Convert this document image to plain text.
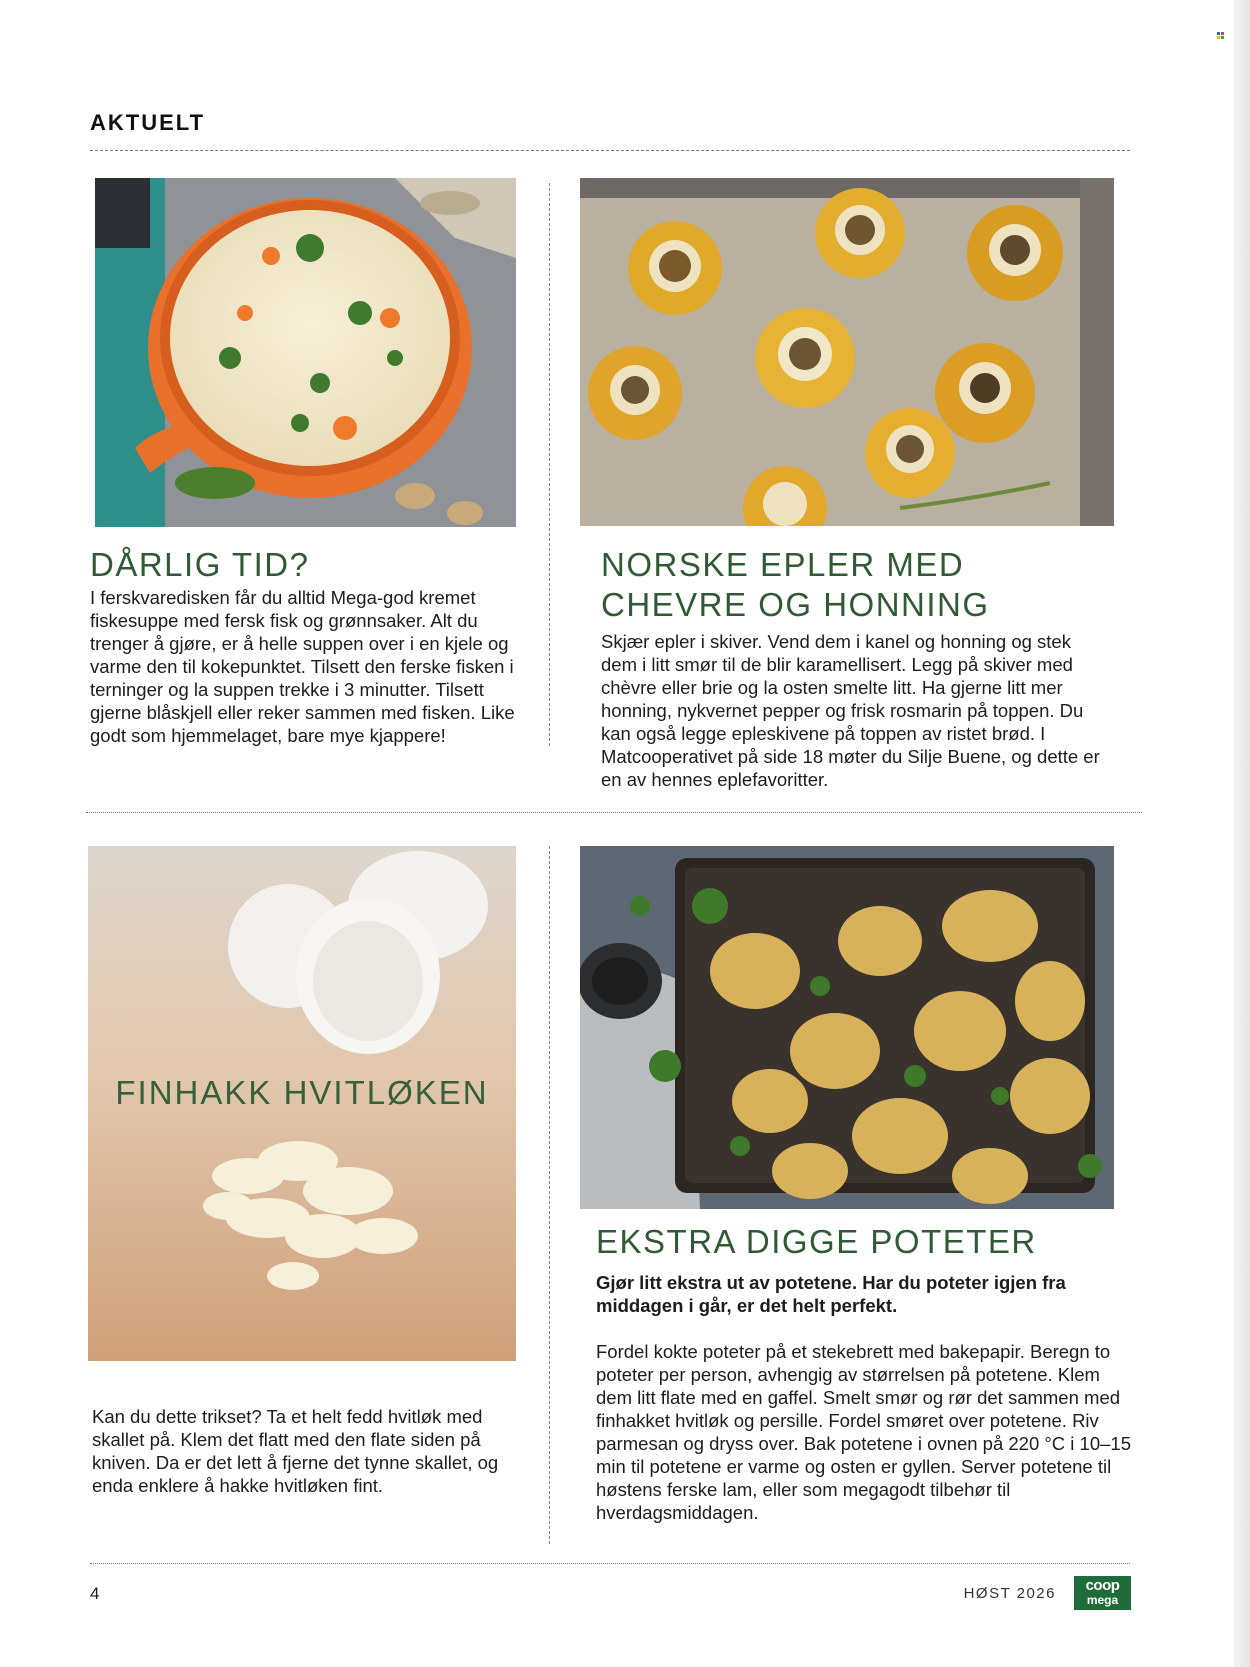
AKTUELT
DÅRLIG TID?

I ferskvaredisken får du alltid Mega-god kremet fiskesuppe med fersk fisk og grønnsaker. Alt du trenger å gjøre, er å helle suppen over i en kjele og varme den til kokepunktet. Tilsett den ferske fisken i terninger og la suppen trekke i 3 minutter. Tilsett gjerne blåskjell eller reker sammen med fisken. Like godt som hjemmelaget, bare mye kjappere!

NORSKE EPLER MED CHEVRE OG HONNING

Skjær epler i skiver. Vend dem i kanel og honning og stek dem i litt smør til de blir karamellisert. Legg på skiver med chèvre eller brie og la osten smelte litt. Ha gjerne litt mer honning, nykvernet pepper og frisk rosmarin på toppen. Du kan også legge epleskivene på toppen av ristet brød. I Matcooperativet på side 18 møter du Silje Buene, og dette er en av hennes eplefavoritter.

FINHAKK HVITLØKEN

Kan du dette trikset? Ta et helt fedd hvitløk med skallet på. Klem det flatt med den flate siden på kniven. Da er det lett å fjerne det tynne skallet, og enda enklere å hakke hvitløken fint.

EKSTRA DIGGE POTETER

Gjør litt ekstra ut av potetene. Har du poteter igjen fra middagen i går, er det helt perfekt.

Fordel kokte poteter på et stekebrett med bakepapir. Beregn to poteter per person, avhengig av størrelsen på potetene. Klem dem litt flate med en gaffel. Smelt smør og rør det sammen med finhakket hvitløk og persille. Fordel smøret over potetene. Riv parmesan og dryss over. Bak potetene i ovnen på 220 °C i 10–15 min til potetene er varme og osten er gyllen. Server potetene til høstens ferske lam, eller som megagodt tilbehør til hverdagsmiddagen.

4	HØST 2026	coop
mega
